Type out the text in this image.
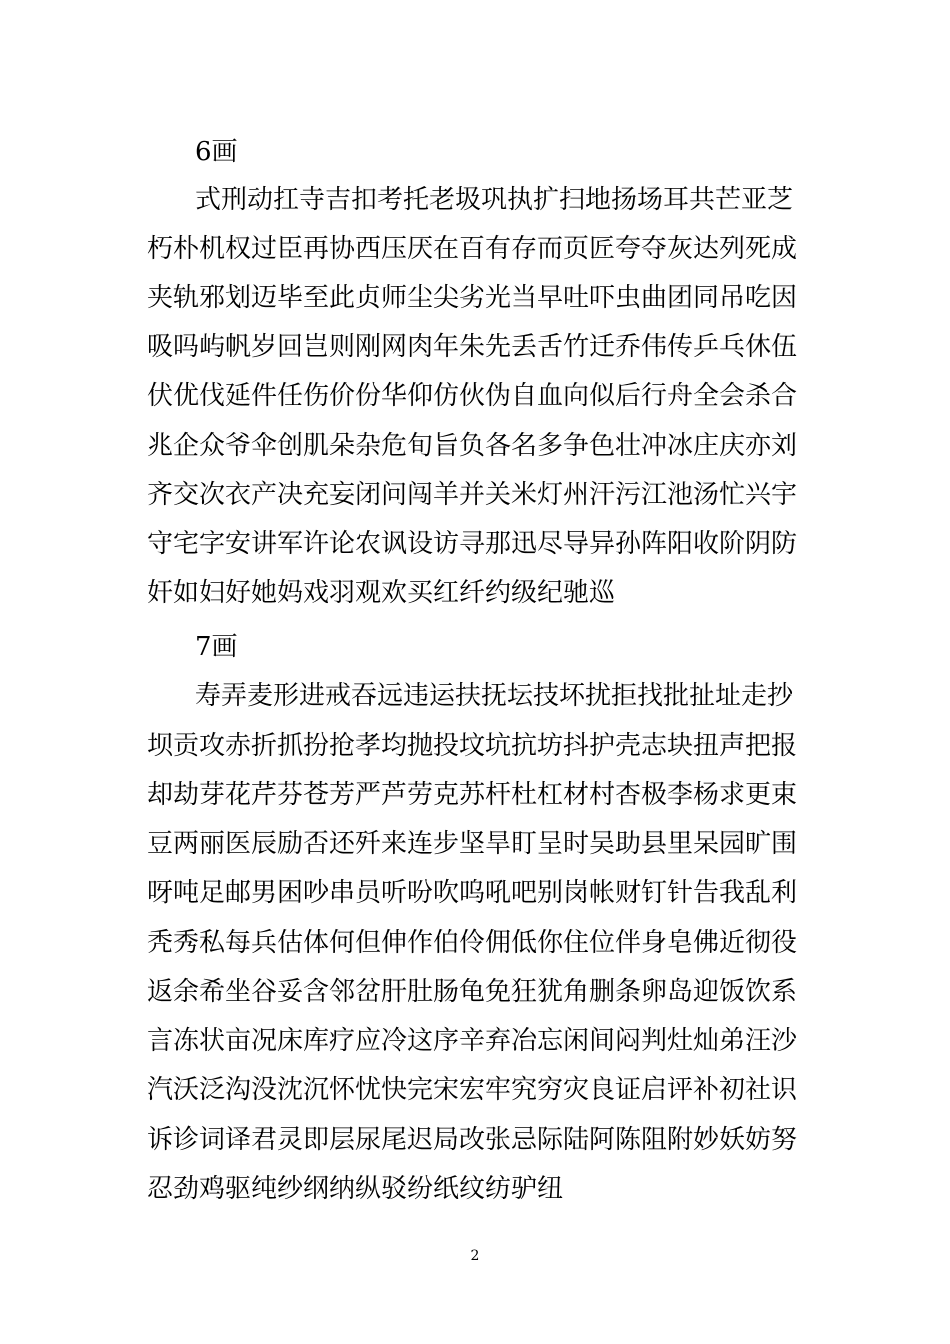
6画
式刑动扛寺吉扣考托老圾巩执扩扫地扬场耳共芒亚芝
朽朴机权过臣再协西压厌在百有存而页匠夸夺灰达列死成
夹轨邪划迈毕至此贞师尘尖劣光当早吐吓虫曲团同吊吃因
吸吗屿帆岁回岂则刚网肉年朱先丢舌竹迁乔伟传乒乓休伍
伏优伐延件任伤价份华仰仿伙伪自血向似后行舟全会杀合
兆企众爷伞创肌朵杂危旬旨负各名多争色壮冲冰庄庆亦刘
齐交次衣产决充妄闭问闯羊并关米灯州汗污江池汤忙兴宇
守宅字安讲军许论农讽设访寻那迅尽导异孙阵阳收阶阴防
奸如妇好她妈戏羽观欢买红纤约级纪驰巡
7画
寿弄麦形进戒吞远违运扶抚坛技坏扰拒找批扯址走抄
坝贡攻赤折抓扮抢孝均抛投坟坑抗坊抖护壳志块扭声把报
却劫芽花芹芬苍芳严芦劳克苏杆杜杠材村杏极李杨求更束
豆两丽医辰励否还歼来连步坚旱盯呈时吴助县里呆园旷围
呀吨足邮男困吵串员听吩吹呜吼吧别岗帐财钉针告我乱利
秃秀私每兵估体何但伸作伯伶佣低你住位伴身皂佛近彻役
返余希坐谷妥含邻岔肝肚肠龟免狂犹角删条卵岛迎饭饮系
言冻状亩况床库疗应冷这序辛弃冶忘闲间闷判灶灿弟汪沙
汽沃泛沟没沈沉怀忧快完宋宏牢究穷灾良证启评补初社识
诉诊词译君灵即层尿尾迟局改张忌际陆阿陈阻附妙妖妨努
忍劲鸡驱纯纱纲纳纵驳纷纸纹纺驴纽
2
